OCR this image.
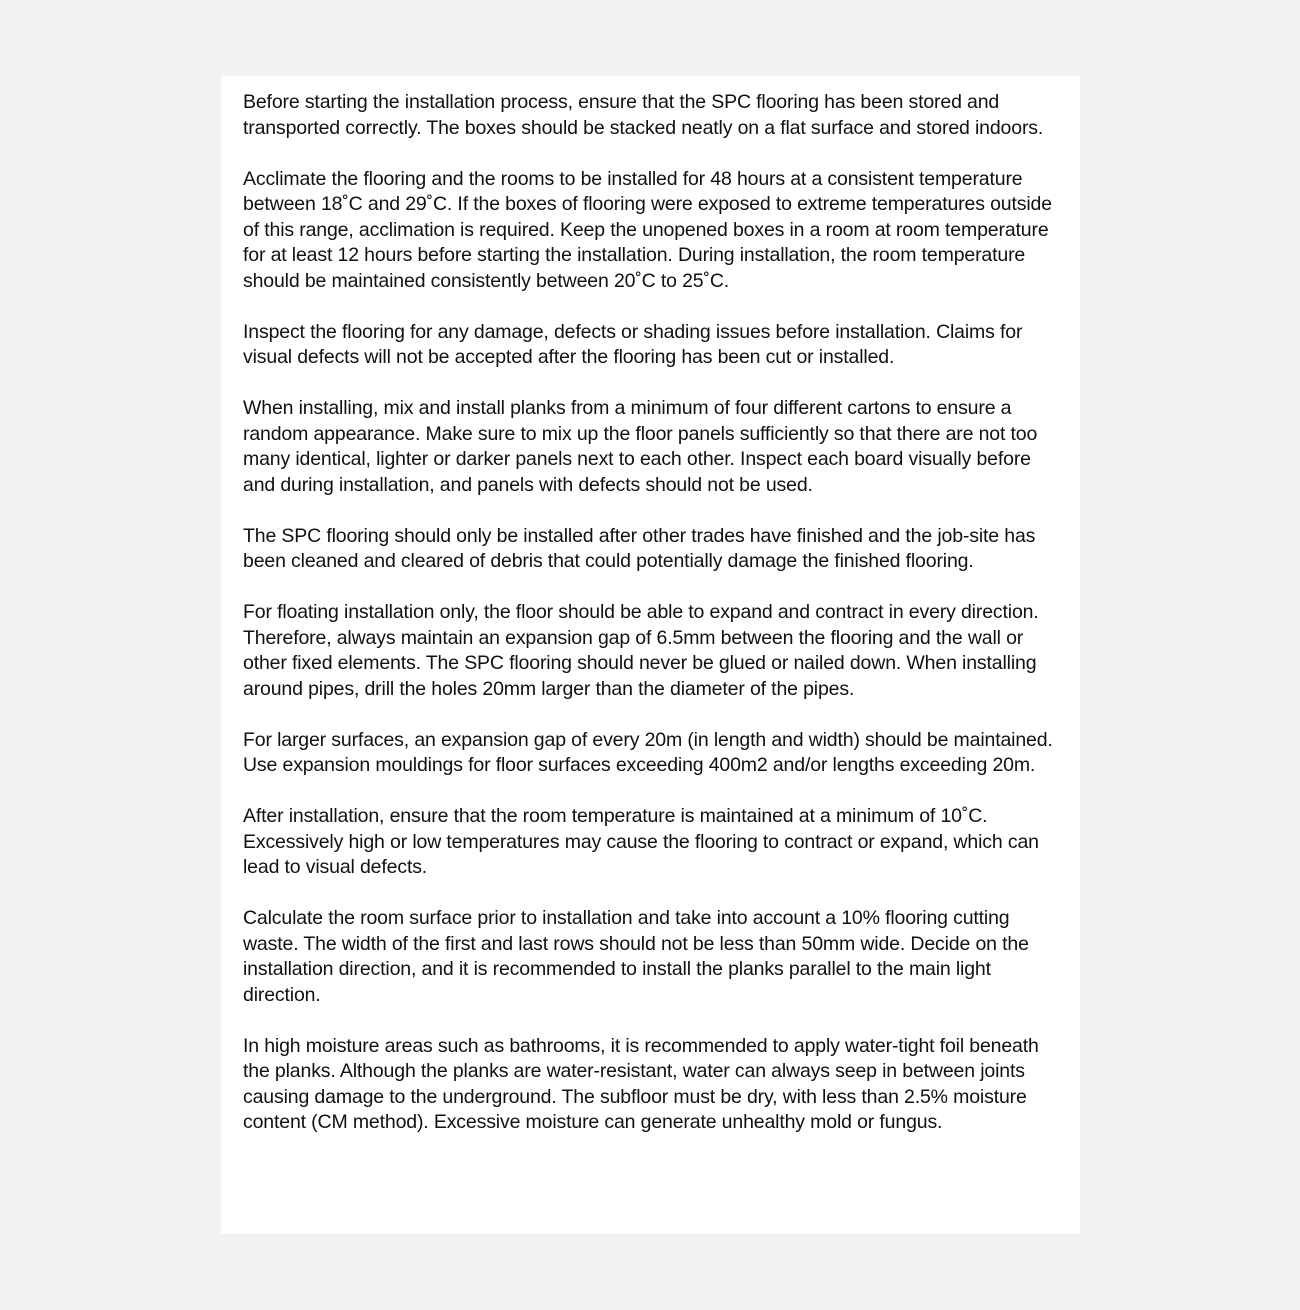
Before starting the installation process, ensure that the SPC flooring has been stored and transported correctly. The boxes should be stacked neatly on a flat surface and stored indoors.

Acclimate the flooring and the rooms to be installed for 48 hours at a consistent temperature between 18˚C and 29˚C. If the boxes of flooring were exposed to extreme temperatures outside of this range, acclimation is required. Keep the unopened boxes in a room at room temperature for at least 12 hours before starting the installation. During installation, the room temperature should be maintained consistently between 20˚C to 25˚C.

Inspect the flooring for any damage, defects or shading issues before installation. Claims for visual defects will not be accepted after the flooring has been cut or installed.

When installing, mix and install planks from a minimum of four different cartons to ensure a random appearance. Make sure to mix up the floor panels sufficiently so that there are not too many identical, lighter or darker panels next to each other. Inspect each board visually before and during installation, and panels with defects should not be used.

The SPC flooring should only be installed after other trades have finished and the job-site has been cleaned and cleared of debris that could potentially damage the finished flooring.

For floating installation only, the floor should be able to expand and contract in every direction. Therefore, always maintain an expansion gap of 6.5mm between the flooring and the wall or other fixed elements. The SPC flooring should never be glued or nailed down. When installing around pipes, drill the holes 20mm larger than the diameter of the pipes.

For larger surfaces, an expansion gap of every 20m (in length and width) should be maintained. Use expansion mouldings for floor surfaces exceeding 400m2 and/or lengths exceeding 20m.

After installation, ensure that the room temperature is maintained at a minimum of 10˚C. Excessively high or low temperatures may cause the flooring to contract or expand, which can lead to visual defects.

Calculate the room surface prior to installation and take into account a 10% flooring cutting waste. The width of the first and last rows should not be less than 50mm wide. Decide on the installation direction, and it is recommended to install the planks parallel to the main light direction.

In high moisture areas such as bathrooms, it is recommended to apply water-tight foil beneath the planks. Although the planks are water-resistant, water can always seep in between joints causing damage to the underground. The subfloor must be dry, with less than 2.5% moisture content (CM method). Excessive moisture can generate unhealthy mold or fungus.
